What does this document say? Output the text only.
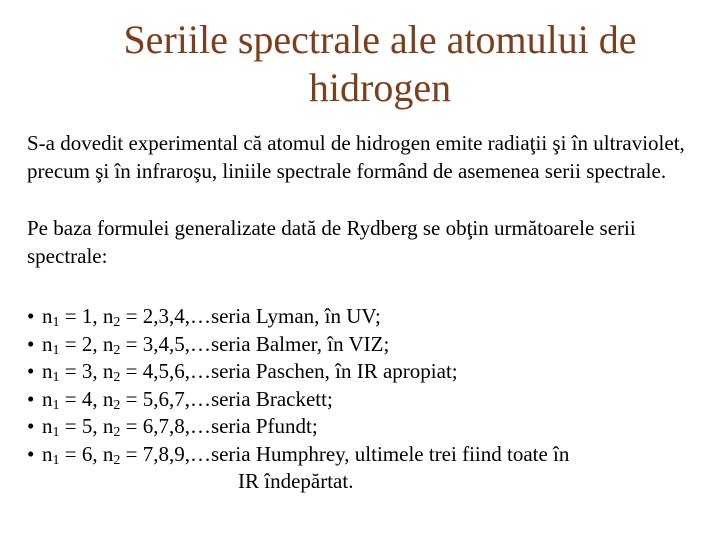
Seriile spectrale ale atomului de
hidrogen
S-a dovedit experimental că atomul de hidrogen emite radiaţii şi în ultraviolet, precum şi în infraroşu, liniile spectrale formând de asemenea serii spectrale.
Pe baza formulei generalizate dată de Rydberg se obţin următoarele serii spectrale:
• $n_1 = 1$, $n_2$ = 2,3,4,…seria Lyman, în UV;
• $n_1 = 2$, $n_2$ = 3,4,5,…seria Balmer, în VIZ;
• $n_1 = 3$, $n_2$ = 4,5,6,…seria Paschen, în IR apropiat;
• $n_1 = 4$, $n_2$ = 5,6,7,…seria Brackett;
• $n_1 = 5$, $n_2$ = 6,7,8,…seria Pfundt;
• $n_1 = 6$, $n_2$ = 7,8,9,…seria Humphrey, ultimele trei fiind toate în
IR îndepărtat.
